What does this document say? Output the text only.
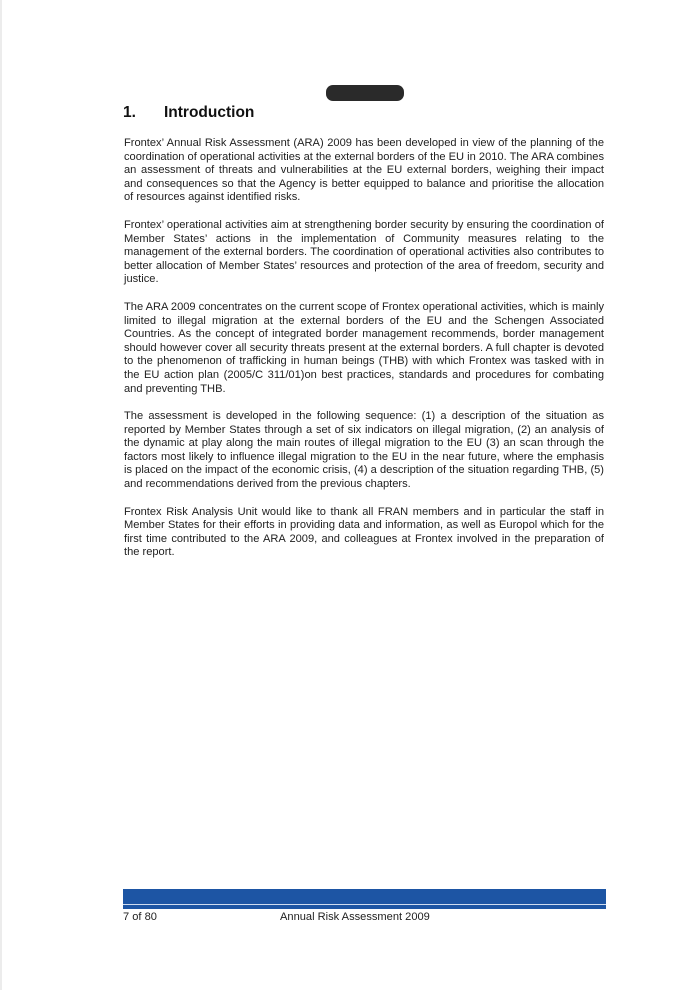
1.	Introduction

Frontex’ Annual Risk Assessment (ARA) 2009 has been developed in view of the planning of the coordination of operational activities at the external borders of the EU in 2010. The ARA combines an assessment of threats and vulnerabilities at the EU external borders, weighing their impact and consequences so that the Agency is better equipped to balance and prioritise the allocation of resources against identified risks.

Frontex’ operational activities aim at strengthening border security by ensuring the coordination of Member States’ actions in the implementation of Community measures relating to the management of the external borders. The coordination of operational activities also contributes to better allocation of Member States’ resources and protection of the area of freedom, security and justice.

The ARA 2009 concentrates on the current scope of Frontex operational activities, which is mainly limited to illegal migration at the external borders of the EU and the Schengen Associated Countries. As the concept of integrated border management recommends, border management should however cover all security threats present at the external borders. A full chapter is devoted to the phenomenon of trafficking in human beings (THB) with which Frontex was tasked with in the EU action plan (2005/C 311/01)on best practices, standards and procedures for combating and preventing THB.

The assessment is developed in the following sequence: (1) a description of the situation as reported by Member States through a set of six indicators on illegal migration, (2) an analysis of the dynamic at play along the main routes of illegal migration to the EU (3) an scan through the factors most likely to influence illegal migration to the EU in the near future, where the emphasis is placed on the impact of the economic crisis, (4) a description of the situation regarding THB, (5) and recommendations derived from the previous chapters.

Frontex Risk Analysis Unit would like to thank all FRAN members and in particular the staff in Member States for their efforts in providing data and information, as well as Europol which for the first time contributed to the ARA 2009, and colleagues at Frontex involved in the preparation of the report.

7 of 80	Annual Risk Assessment 2009
